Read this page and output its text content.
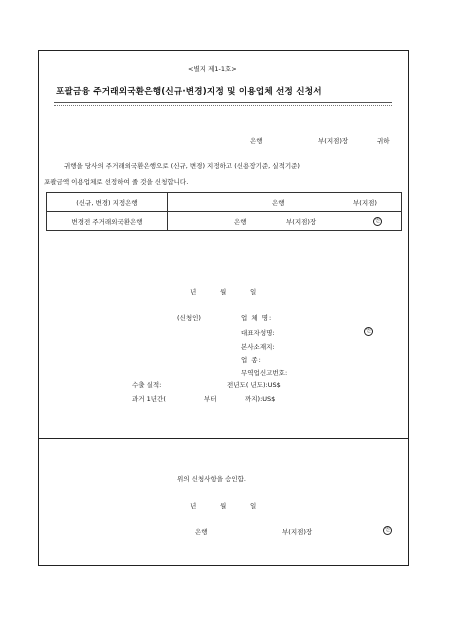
<별지 제1-1호>
포괄금융 주거래외국환은행(신규·변경)지정 및 이용업체 선정 신청서
은행	부(지점)장	귀하
귀행을 당사의 주거래외국환은행으로 (신규, 변경) 지정하고 (신용장기준, 실적기준)
포괄금액 이용업체로 선정하여 줄 것을 신청합니다.
(신규, 변경) 지정은행	은행 부(지점)

변경전 주거래외국환은행	은행 부(지점)장 인
년	월	일
(신청인)	업 체 명:
대표자성명:	인
본사소재지:
업 종:
무역업신고번호:
수출 실적:	전년도( 년도):US$
과거 1년간(	부터	까지):US$
위의 신청사항을 승인함.
년	월	일
은행	부(지점)장	인
